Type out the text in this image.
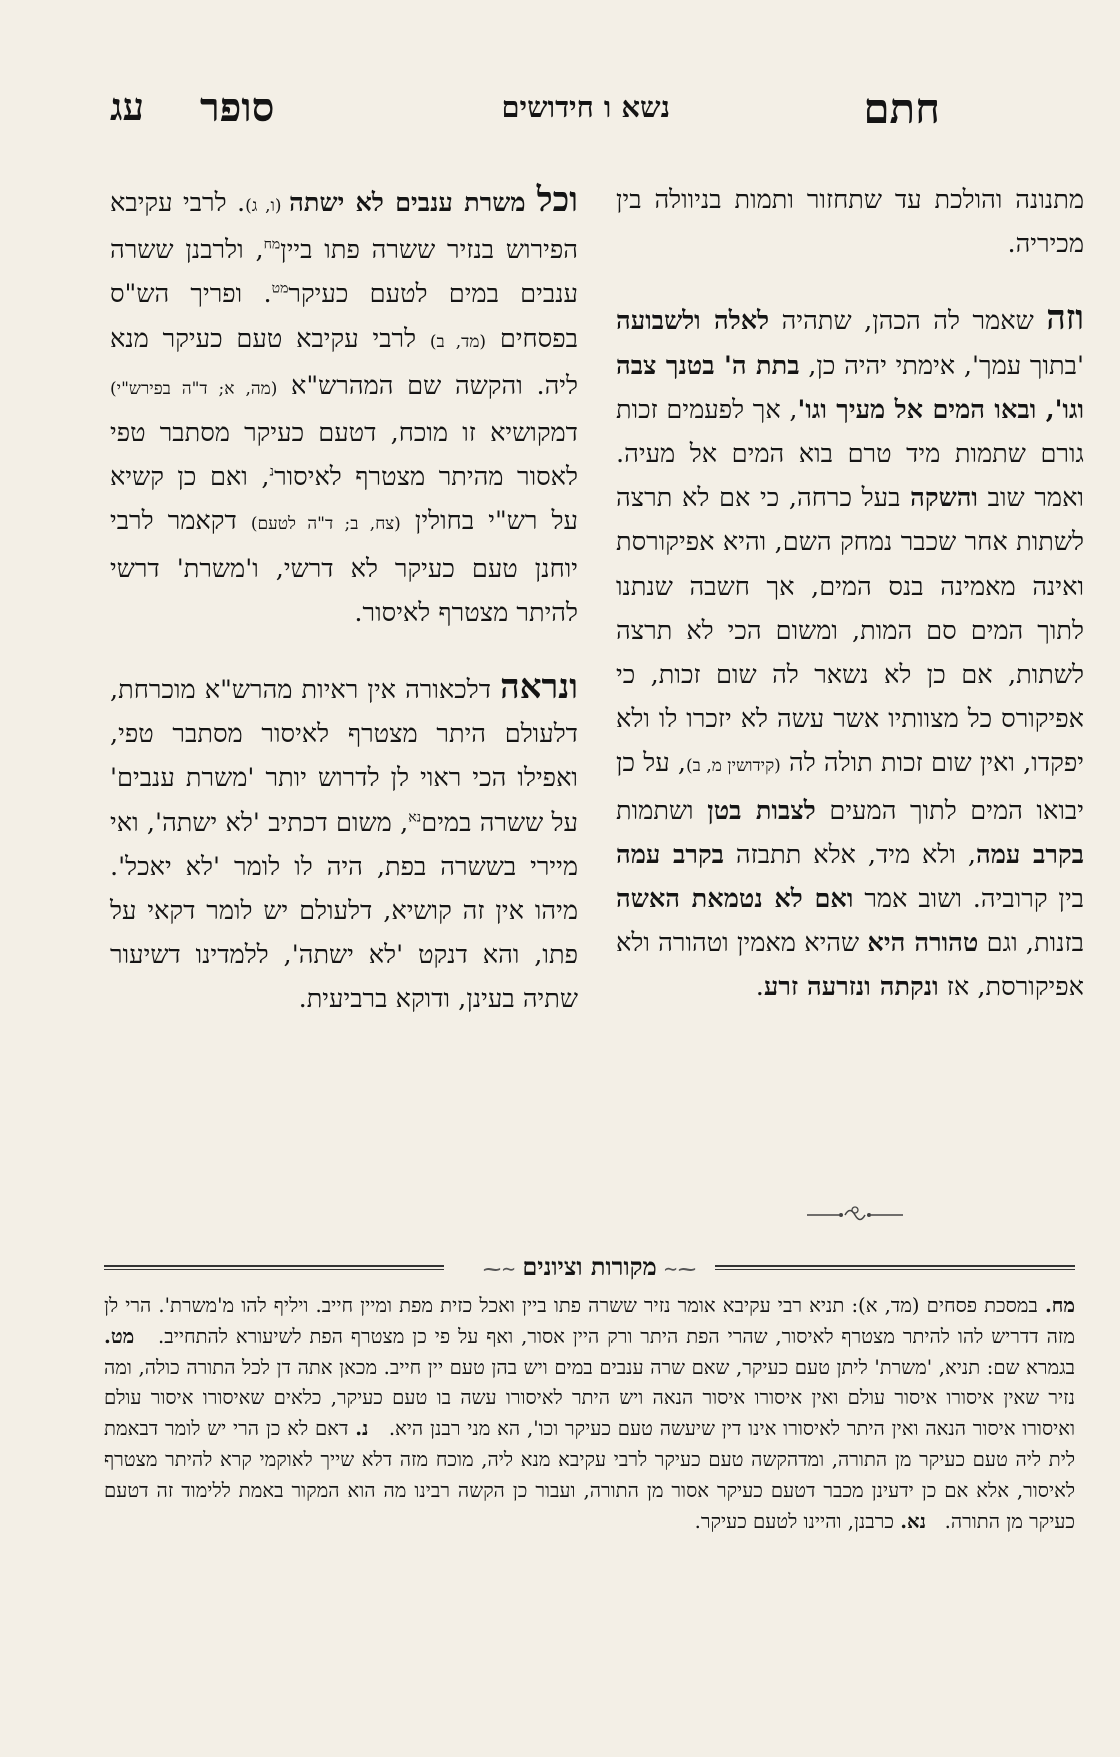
חתם
נשא ו חידושים
סופר
עג

מתנונה והולכת עד שתחזור ותמות בניוולה בין מכיריה.

וזה שאמר לה הכהן, שתהיה לאלה ולשבועה 'בתוך עמך', אימתי יהיה כן, בתת ה' בטנך צבה וגו', ובאו המים אל מעיך וגו', אך לפעמים זכות גורם שתמות מיד טרם בוא המים אל מעיה. ואמר שוב והשקה בעל כרחה, כי אם לא תרצה לשתות אחר שכבר נמחק השם, והיא אפיקורסת ואינה מאמינה בנס המים, אך חשבה שנתנו לתוך המים סם המות, ומשום הכי לא תרצה לשתות, אם כן לא נשאר לה שום זכות, כי אפיקורס כל מצוותיו אשר עשה לא יזכרו לו ולא יפקדו, ואין שום זכות תולה לה (קידושין מ, ב), על כן יבואו המים לתוך המעים לצבות בטן ושתמות בקרב עמה, ולא מיד, אלא תתבזה בקרב עמה בין קרוביה. ושוב אמר ואם לא נטמאת האשה בזנות, וגם טהורה היא שהיא מאמין וטהורה ולא אפיקורסת, אז ונקתה ונזרעה זרע.

וכל משרת ענבים לא ישתה (ו, ג). לרבי עקיבא הפירוש בנזיר ששרה פתו ביין$^{מח}$, ולרבנן ששרה ענבים במים לטעם כעיקר$^{מט}$. ופריך הש"ס בפסחים (מד, ב) לרבי עקיבא טעם כעיקר מנא ליה. והקשה שם המהרש"א (מה, א; ד"ה בפירש"י) דמקושיא זו מוכח, דטעם כעיקר מסתבר טפי לאסור מהיתר מצטרף לאיסור$^נ$, ואם כן קשיא על רש"י בחולין (צח, ב; ד"ה לטעם) דקאמר לרבי יוחנן טעם כעיקר לא דרשי, ו'משרת' דרשי להיתר מצטרף לאיסור.

ונראה דלכאורה אין ראיות מהרש"א מוכרחת, דלעולם היתר מצטרף לאיסור מסתבר טפי, ואפילו הכי ראוי לן לדרוש יותר 'משרת ענבים' על ששרה במים$^{נא}$, משום דכתיב 'לא ישתה', ואי מיירי בששרה בפת, היה לו לומר 'לא יאכל'. מיהו אין זה קושיא, דלעולם יש לומר דקאי על פתו, והא דנקט 'לא ישתה', ללמדינו דשיעור שתיה בעינן, ודוקא ברביעית.

⁓∽ מקורות וציונים ∽⁓

מח. במסכת פסחים (מד, א): תניא רבי עקיבא אומר נזיר ששרה פתו ביין ואכל כזית מפת ומיין חייב. ויליף להו מ'משרת'. הרי לן מזה דדריש להו להיתר מצטרף לאיסור, שהרי הפת היתר ורק היין אסור, ואף על פי כן מצטרף הפת לשיעורא להתחייב.   מט. בגמרא שם: תניא, 'משרת' ליתן טעם כעיקר, שאם שרה ענבים במים ויש בהן טעם יין חייב. מכאן אתה דן לכל התורה כולה, ומה נזיר שאין איסורו איסור עולם ואין איסורו איסור הנאה ויש היתר לאיסורו עשה בו טעם כעיקר, כלאים שאיסורו איסור עולם ואיסורו איסור הנאה ואין היתר לאיסורו אינו דין שיעשה טעם כעיקר וכו', הא מני רבנן היא.   נ. דאם לא כן הרי יש לומר דבאמת לית ליה טעם כעיקר מן התורה, ומדהקשה טעם כעיקר לרבי עקיבא מנא ליה, מוכח מזה דלא שייך לאוקמי קרא להיתר מצטרף לאיסור, אלא אם כן ידעינן מכבר דטעם כעיקר אסור מן התורה, ועבור כן הקשה רבינו מה הוא המקור באמת ללימוד זה דטעם כעיקר מן התורה.   נא. כרבנן, והיינו לטעם כעיקר.
